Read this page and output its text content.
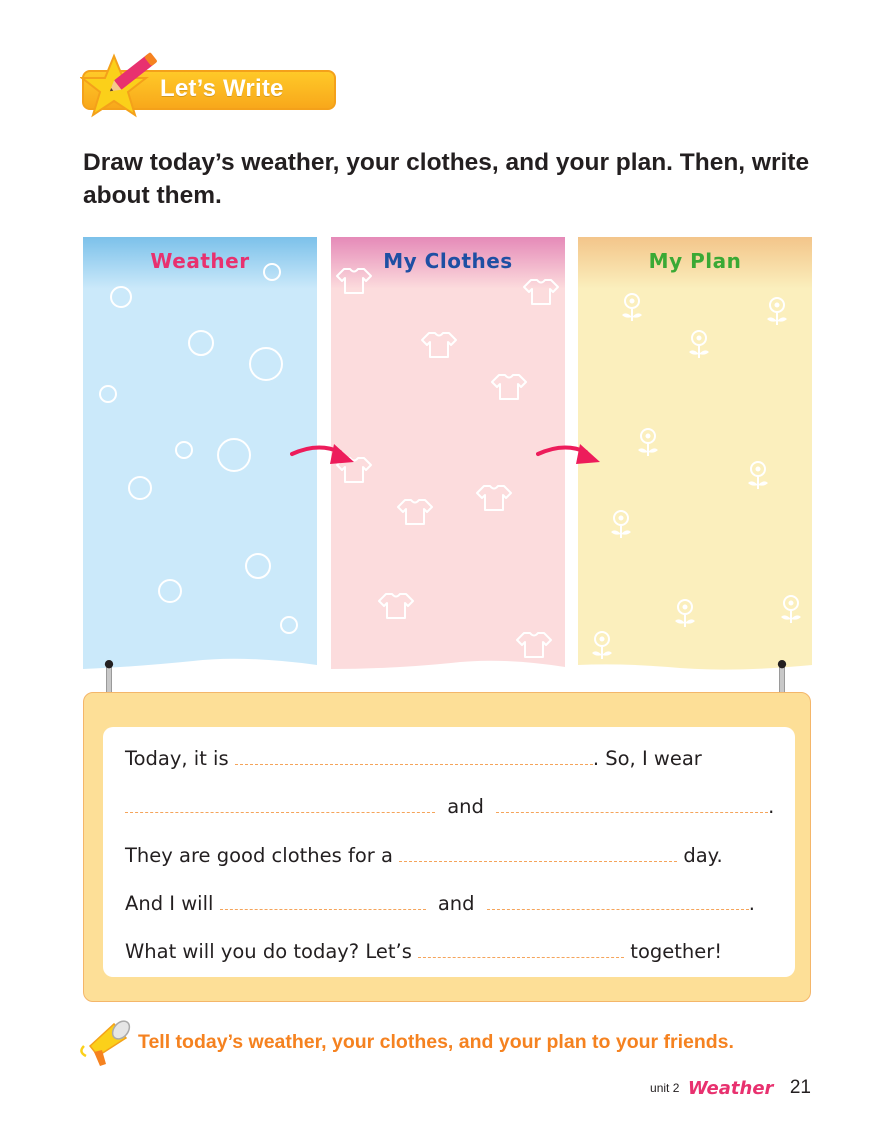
Let’s Write
Draw today’s weather, your clothes, and your plan. Then, write about them.
Weather	My Clothes	My Plan
Today, it is	. So, I wear
and	.
They are good clothes for a	day.
And I will	and	.
What will you do today? Let’s	together!
Tell today’s weather, your clothes, and your plan to your friends.
unit 2 Weather 21
